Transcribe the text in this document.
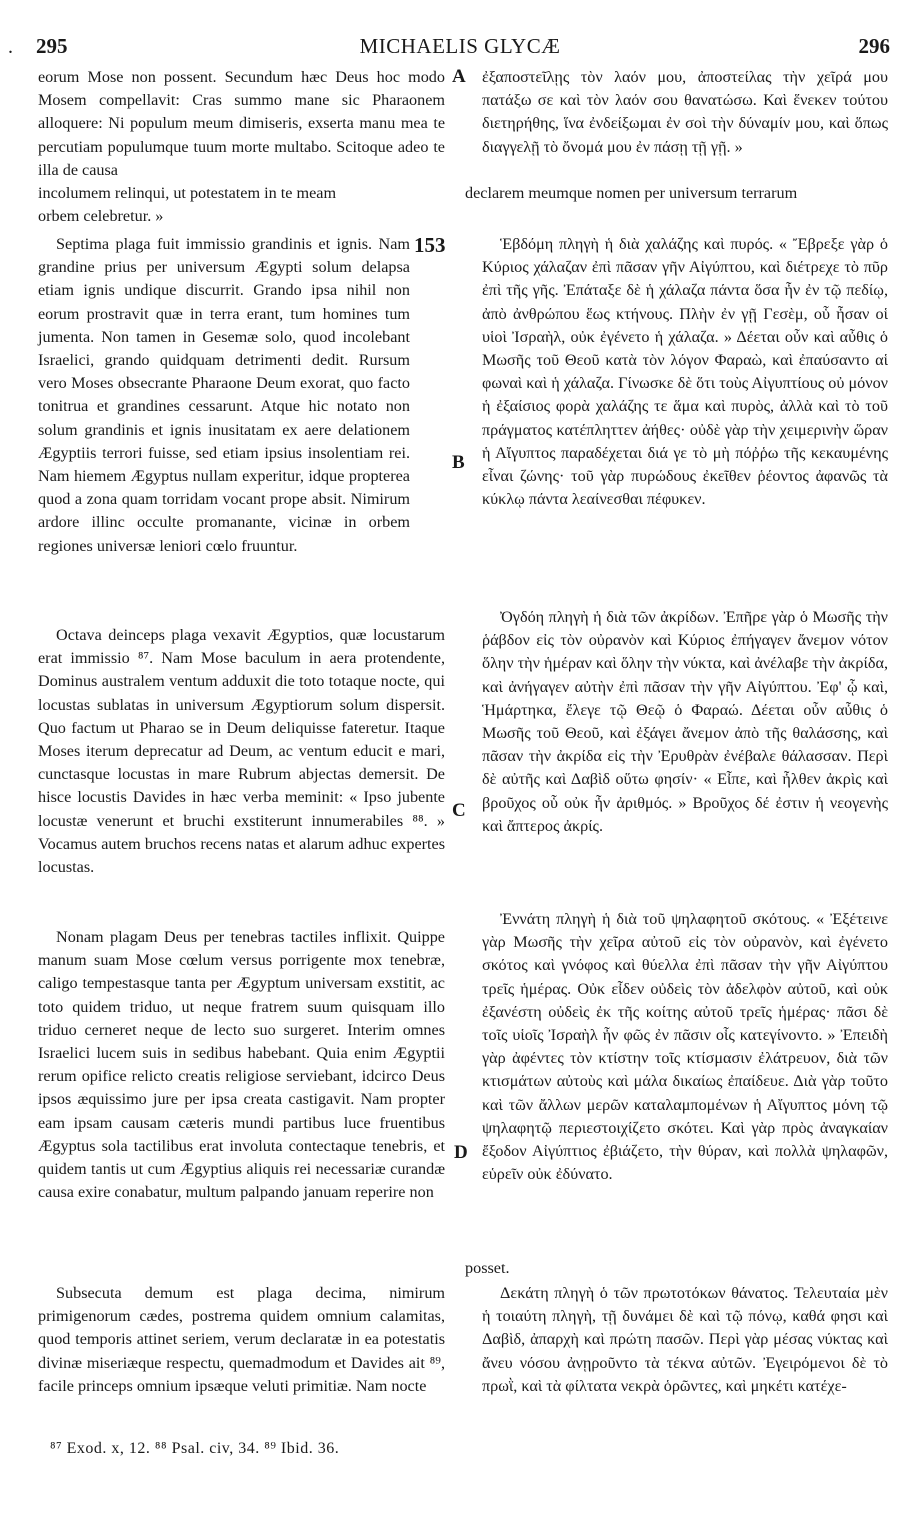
. 295	MICHAELIS GLYCÆ	296

eorum Mose non possent. Secundum hæc Deus hoc modo Mosem compellavit: Cras summo mane sic Pharaonem alloquere: Ni populum meum dimiseris, exserta manu mea te percutiam populumque tuum morte multabo. Scitoque adeo te illa de causa

ἐξαποστεῖλῃς τὸν λαόν μου, ἀποστείλας τὴν χεῖρά μου πατάξω σε καὶ τὸν λαόν σου θανατώσω. Καὶ ἕνεκεν τούτου διετηρήθης, ἵνα ἐνδείξωμαι ἐν σοὶ τὴν δύναμίν μου, καὶ ὅπως διαγγελῇ τὸ ὄνομά μου ἐν πάσῃ τῇ γῇ. »

A

incolumem relinqui, ut potestatem in te meam	declarem meumque nomen per universum terrarum

orbem celebretur. »

153

Septima plaga fuit immissio grandinis et ignis. Nam grandine prius per universum Ægypti solum delapsa etiam ignis undique discurrit. Grando ipsa nihil non eorum prostravit quæ in terra erant, tum homines tum jumenta. Non tamen in Gesemæ solo, quod incolebant Israelici, grando quidquam detrimenti dedit. Rursum vero Moses obsecrante Pharaone Deum exorat, quo facto tonitrua et grandines cessarunt. Atque hic notato non solum grandinis et ignis inusitatam ex aere delationem Ægyptiis terrori fuisse, sed etiam ipsius insolentiam rei. Nam hiemem Ægyptus nullam experitur, idque propterea quod a zona quam torridam vocant prope absit. Nimirum ardore illinc occulte promanante, vicinæ in orbem regiones universæ leniori cœlo fruuntur.

Ἑβδόμη πληγὴ ἡ διὰ χαλάζης καὶ πυρός. « Ἔβρεξε γὰρ ὁ Κύριος χάλαζαν ἐπὶ πᾶσαν γῆν Αἰγύπτου, καὶ διέτρεχε τὸ πῦρ ἐπὶ τῆς γῆς. Ἐπάταξε δὲ ἡ χάλαζα πάντα ὅσα ἦν ἐν τῷ πεδίῳ, ἀπὸ ἀνθρώπου ἕως κτήνους. Πλὴν ἐν γῇ Γεσὲμ, οὗ ἦσαν οἱ υἱοὶ Ἰσραὴλ, οὐκ ἐγένετο ἡ χάλαζα. » Δέεται οὖν καὶ αὖθις ὁ Μωσῆς τοῦ Θεοῦ κατὰ τὸν λόγον Φαραὼ, καὶ ἐπαύσαντο αἱ φωναὶ καὶ ἡ χάλαζα. Γίνωσκε δὲ ὅτι τοὺς Αἰγυπτίους οὐ μόνον ἡ ἐξαίσιος φορὰ χαλάζης τε ἅμα καὶ πυρὸς, ἀλλὰ καὶ τὸ τοῦ πράγματος κατέπληττεν ἀήθες· οὐδὲ γὰρ τὴν χειμερινὴν ὥραν ἡ Αἴγυπτος παραδέχεται διά γε τὸ μὴ πόῤῥω τῆς κεκαυμένης εἶναι ζώνης· τοῦ γὰρ πυρώδους ἐκεῖθεν ῥέοντος ἀφανῶς τὰ κύκλῳ πάντα λεαίνεσθαι πέφυκεν.

B

Octava deinceps plaga vexavit Ægyptios, quæ locustarum erat immissio ⁸⁷. Nam Mose baculum in aera protendente, Dominus australem ventum adduxit die toto totaque nocte, qui locustas sublatas in universum Ægyptiorum solum dispersit. Quo factum ut Pharao se in Deum deliquisse fateretur. Itaque Moses iterum deprecatur ad Deum, ac ventum educit e mari, cunctasque locustas in mare Rubrum abjectas demersit. De hisce locustis Davides in hæc verba meminit: « Ipso jubente locustæ venerunt et bruchi exstiterunt innumerabiles ⁸⁸. » Vocamus autem bruchos recens natas et alarum adhuc expertes locustas.

Ὀγδόη πληγὴ ἡ διὰ τῶν ἀκρίδων. Ἐπῆρε γὰρ ὁ Μωσῆς τὴν ῥάβδον εἰς τὸν οὐρανὸν καὶ Κύριος ἐπήγαγεν ἄνεμον νότον ὅλην τὴν ἡμέραν καὶ ὅλην τὴν νύκτα, καὶ ἀνέλαβε τὴν ἀκρίδα, καὶ ἀνήγαγεν αὐτὴν ἐπὶ πᾶσαν τὴν γῆν Αἰγύπτου. Ἐφ' ᾧ καὶ, Ἡμάρτηκα, ἔλεγε τῷ Θεῷ ὁ Φαραώ. Δέεται οὖν αὖθις ὁ Μωσῆς τοῦ Θεοῦ, καὶ ἐξάγει ἄνεμον ἀπὸ τῆς θαλάσσης, καὶ πᾶσαν τὴν ἀκρίδα εἰς τὴν Ἐρυθρὰν ἐνέβαλε θάλασσαν. Περὶ δὲ αὐτῆς καὶ Δαβὶδ οὕτω φησίν· « Εἶπε, καὶ ἦλθεν ἀκρὶς καὶ βροῦχος οὗ οὐκ ἦν ἀριθμός. » Βροῦχος δέ ἐστιν ἡ νεογενὴς καὶ ἄπτερος ἀκρίς.

C

Nonam plagam Deus per tenebras tactiles inflixit. Quippe manum suam Mose cœlum versus porrigente mox tenebræ, caligo tempestasque tanta per Ægyptum universam exstitit, ac toto quidem triduo, ut neque fratrem suum quisquam illo triduo cerneret neque de lecto suo surgeret. Interim omnes Israelici lucem suis in sedibus habebant. Quia enim Ægyptii rerum opifice relicto creatis religiose serviebant, idcirco Deus ipsos æquissimo jure per ipsa creata castigavit. Nam propter eam ipsam causam cæteris mundi partibus luce fruentibus Ægyptus sola tactilibus erat involuta contectaque tenebris, et quidem tantis ut cum Ægyptius aliquis rei necessariæ curandæ causa exire conabatur, multum palpando januam reperire non

Ἐννάτη πληγὴ ἡ διὰ τοῦ ψηλαφητοῦ σκότους. « Ἐξέτεινε γὰρ Μωσῆς τὴν χεῖρα αὐτοῦ εἰς τὸν οὐρανὸν, καὶ ἐγένετο σκότος καὶ γνόφος καὶ θύελλα ἐπὶ πᾶσαν τὴν γῆν Αἰγύπτου τρεῖς ἡμέρας. Οὐκ εἶδεν οὐδεὶς τὸν ἀδελφὸν αὐτοῦ, καὶ οὐκ ἐξανέστη οὐδεὶς ἐκ τῆς κοίτης αὐτοῦ τρεῖς ἡμέρας· πᾶσι δὲ τοῖς υἱοῖς Ἰσραὴλ ἦν φῶς ἐν πᾶσιν οἷς κατεγίνοντο. » Ἐπειδὴ γὰρ ἀφέντες τὸν κτίστην τοῖς κτίσμασιν ἐλάτρευον, διὰ τῶν κτισμάτων αὐτοὺς καὶ μάλα δικαίως ἐπαίδευε. Διὰ γὰρ τοῦτο καὶ τῶν ἄλλων μερῶν καταλαμπομένων ἡ Αἴγυπτος μόνη τῷ ψηλαφητῷ περιεστοιχίζετο σκότει. Καὶ γὰρ πρὸς ἀναγκαίαν ἔξοδον Αἰγύπτιος ἐβιάζετο, τὴν θύραν, καὶ πολλὰ ψηλαφῶν, εὑρεῖν οὐκ ἐδύνατο.

D

posset.

Subsecuta demum est plaga decima, nimirum primigenorum cædes, postrema quidem omnium calamitas, quod temporis attinet seriem, verum declaratæ in ea potestatis divinæ miseriæque respectu, quemadmodum et Davides ait ⁸⁹, facile princeps omnium ipsæque veluti primitiæ. Nam nocte

Δεκάτη πληγὴ ὁ τῶν πρωτοτόκων θάνατος. Τελευταία μὲν ἡ τοιαύτη πληγὴ, τῇ δυνάμει δὲ καὶ τῷ πόνῳ, καθά φησι καὶ Δαβὶδ, ἀπαρχὴ καὶ πρώτη πασῶν. Περὶ γὰρ μέσας νύκτας καὶ ἄνευ νόσου ἀνῃροῦντο τὰ τέκνα αὐτῶν. Ἐγειρόμενοι δὲ τὸ πρωῒ, καὶ τὰ φίλτατα νεκρὰ ὁρῶντες, καὶ μηκέτι κατέχε-

⁸⁷ Exod. x, 12. ⁸⁸ Psal. civ, 34. ⁸⁹ Ibid. 36.
